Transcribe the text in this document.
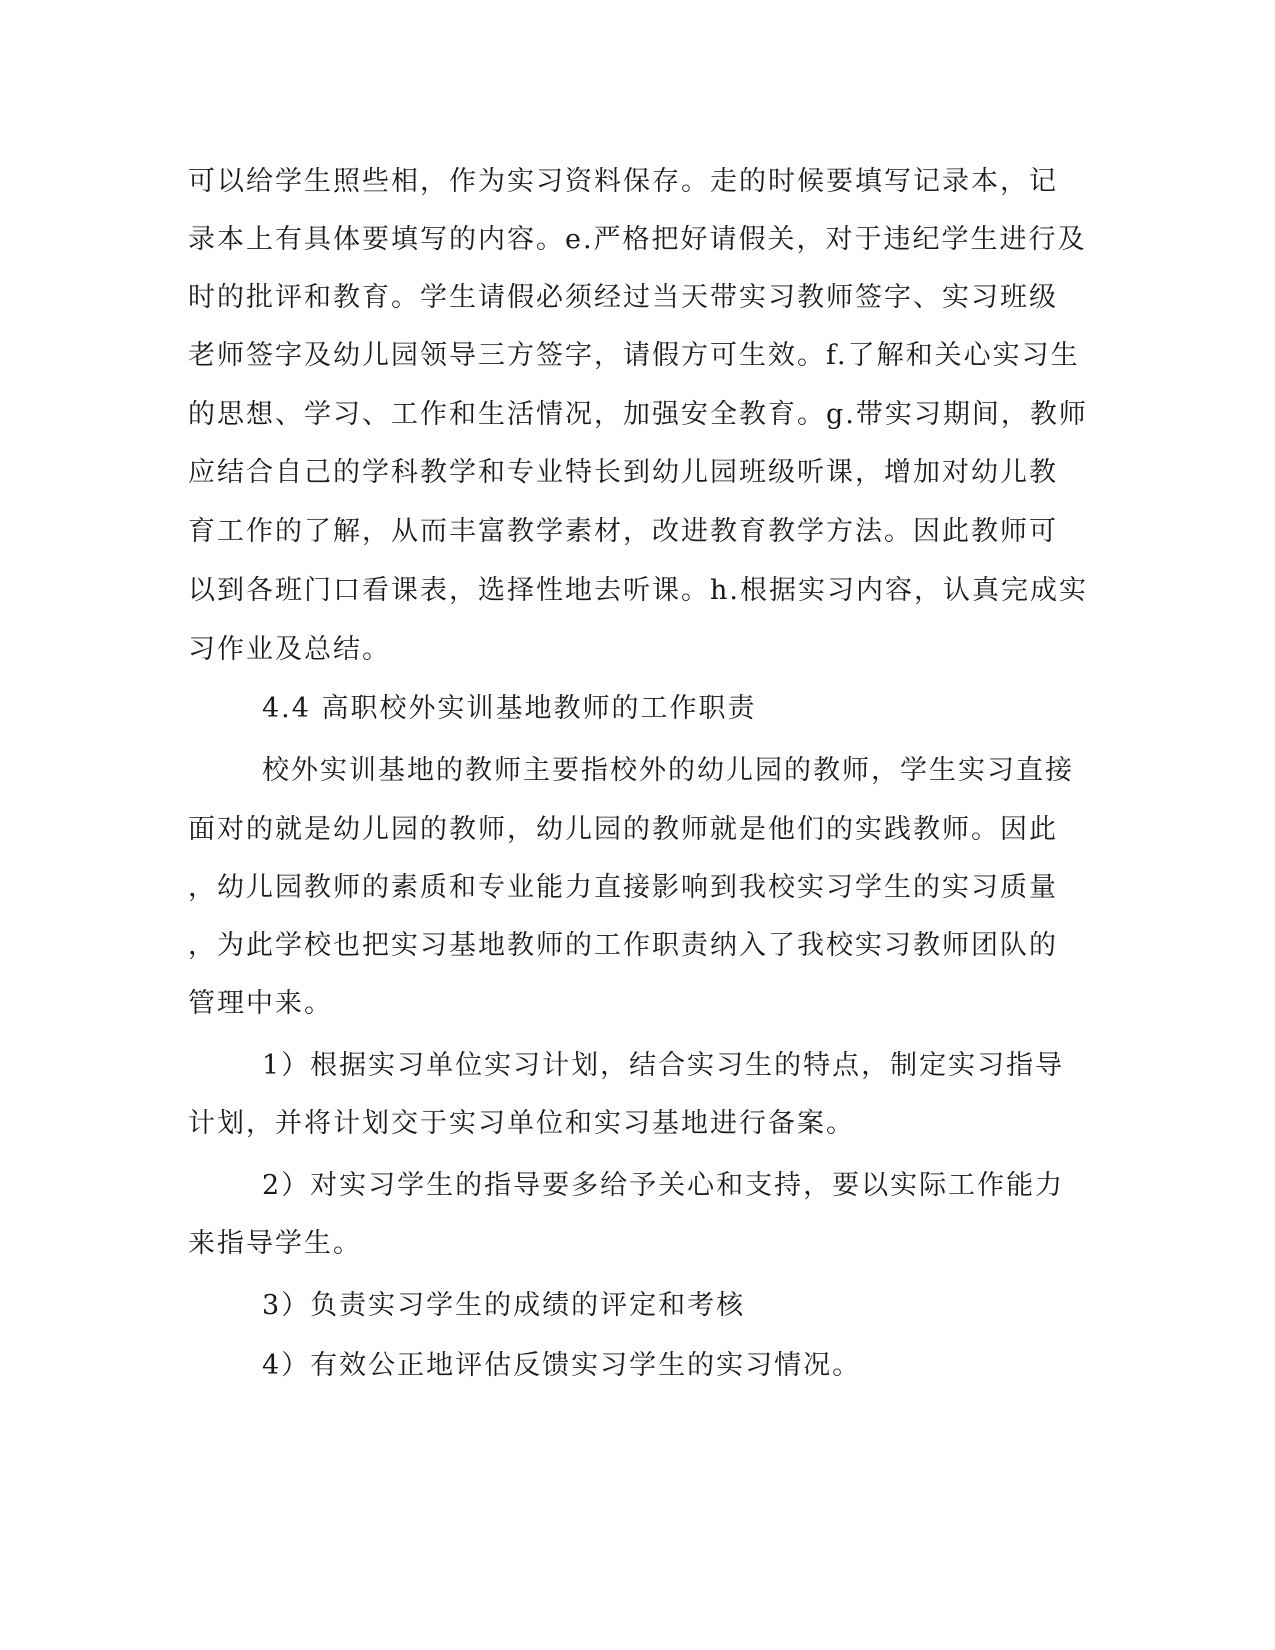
可以给学生照些相，作为实习资料保存。走的时候要填写记录本，记
录本上有具体要填写的内容。e.严格把好请假关，对于违纪学生进行及
时的批评和教育。学生请假必须经过当天带实习教师签字、实习班级
老师签字及幼儿园领导三方签字，请假方可生效。f.了解和关心实习生
的思想、学习、工作和生活情况，加强安全教育。g.带实习期间，教师
应结合自己的学科教学和专业特长到幼儿园班级听课，增加对幼儿教
育工作的了解，从而丰富教学素材，改进教育教学方法。因此教师可
以到各班门口看课表，选择性地去听课。h.根据实习内容，认真完成实
习作业及总结。
4.4 高职校外实训基地教师的工作职责
校外实训基地的教师主要指校外的幼儿园的教师，学生实习直接
面对的就是幼儿园的教师，幼儿园的教师就是他们的实践教师。因此
，幼儿园教师的素质和专业能力直接影响到我校实习学生的实习质量
，为此学校也把实习基地教师的工作职责纳入了我校实习教师团队的
管理中来。
1）根据实习单位实习计划，结合实习生的特点，制定实习指导
计划，并将计划交于实习单位和实习基地进行备案。
2）对实习学生的指导要多给予关心和支持，要以实际工作能力
来指导学生。
3）负责实习学生的成绩的评定和考核
4）有效公正地评估反馈实习学生的实习情况。
